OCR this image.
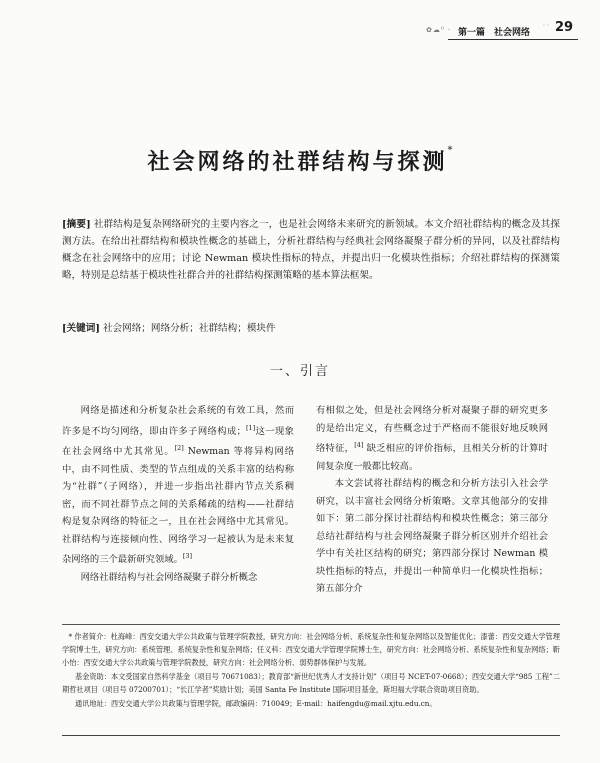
✿☁⁰ · 第一篇　社会网络 ˙˙ 29
社会网络的社群结构与探测*

[摘要] 社群结构是复杂网络研究的主要内容之一，也是社会网络未来研究的新领域。本文介绍社群结构的概念及其探测方法。在给出社群结构和模块性概念的基础上，分析社群结构与经典社会网络凝聚子群分析的异同，以及社群结构概念在社会网络中的应用；讨论 Newman 模块性指标的特点，并提出归一化模块性指标；介绍社群结构的探测策略，特别是总结基于模块性社群合并的社群结构探测策略的基本算法框架。

[关键词] 社会网络；网络分析；社群结构；模块件

一、引言

网络是描述和分析复杂社会系统的有效工具，然而许多是不均匀网络，即由许多子网络构成；[1]这一现象在社会网络中尤其常见。[2] Newman 等将异构网络中，由不同性质、类型的节点组成的关系丰富的结构称为“社群”（子网络），并进一步指出社群内节点关系稠密，而不同社群节点之间的关系稀疏的结构——社群结构是复杂网络的特征之一，且在社会网络中尤其常见。社群结构与连接倾向性、网络学习一起被认为是未来复杂网络的三个最新研究领域。[3]

网络社群结构与社会网络凝聚子群分析概念

有相似之处，但是社会网络分析对凝聚子群的研究更多的是给出定义，有些概念过于严格而不能很好地反映网络特征，[4] 缺乏相应的评价指标，且相关分析的计算时间复杂度一般都比较高。

本文尝试将社群结构的概念和分析方法引入社会学研究，以丰富社会网络分析策略。文章其他部分的安排如下：第二部分探讨社群结构和模块性概念；第三部分总结社群结构与社会网络凝聚子群分析区别并介绍社会学中有关社区结构的研究；第四部分探讨 Newman 模块性指标的特点，并提出一种简单归一化模块性指标；第五部分介

* 作者简介：杜海峰：西安交通大学公共政策与管理学院教授，研究方向：社会网络分析、系统复杂性和复杂网络以及智能优化；漆蕾：西安交通大学管理学院博士生，研究方向：系统管理、系统复杂性和复杂网络；任义科：西安交通大学管理学院博士生，研究方向：社会网络分析、系统复杂性和复杂网络；靳小怡：西安交通大学公共政策与管理学院教授，研究方向：社会网络分析、弱势群体保护与发展。

基金资助：本文受国家自然科学基金（项目号 70671083）；教育部“新世纪优秀人才支持计划”（项目号 NCET-07-0668）；西安交通大学“985 工程”二期哲社项目（项目号 07200701）；“长江学者”奖励计划；美国 Santa Fe Institute 国际项目基金，斯坦福大学联合资助项目资助。

通讯地址：西安交通大学公共政策与管理学院，邮政编码：710049；E-mail：haifengdu@mail.xjtu.edu.cn。
